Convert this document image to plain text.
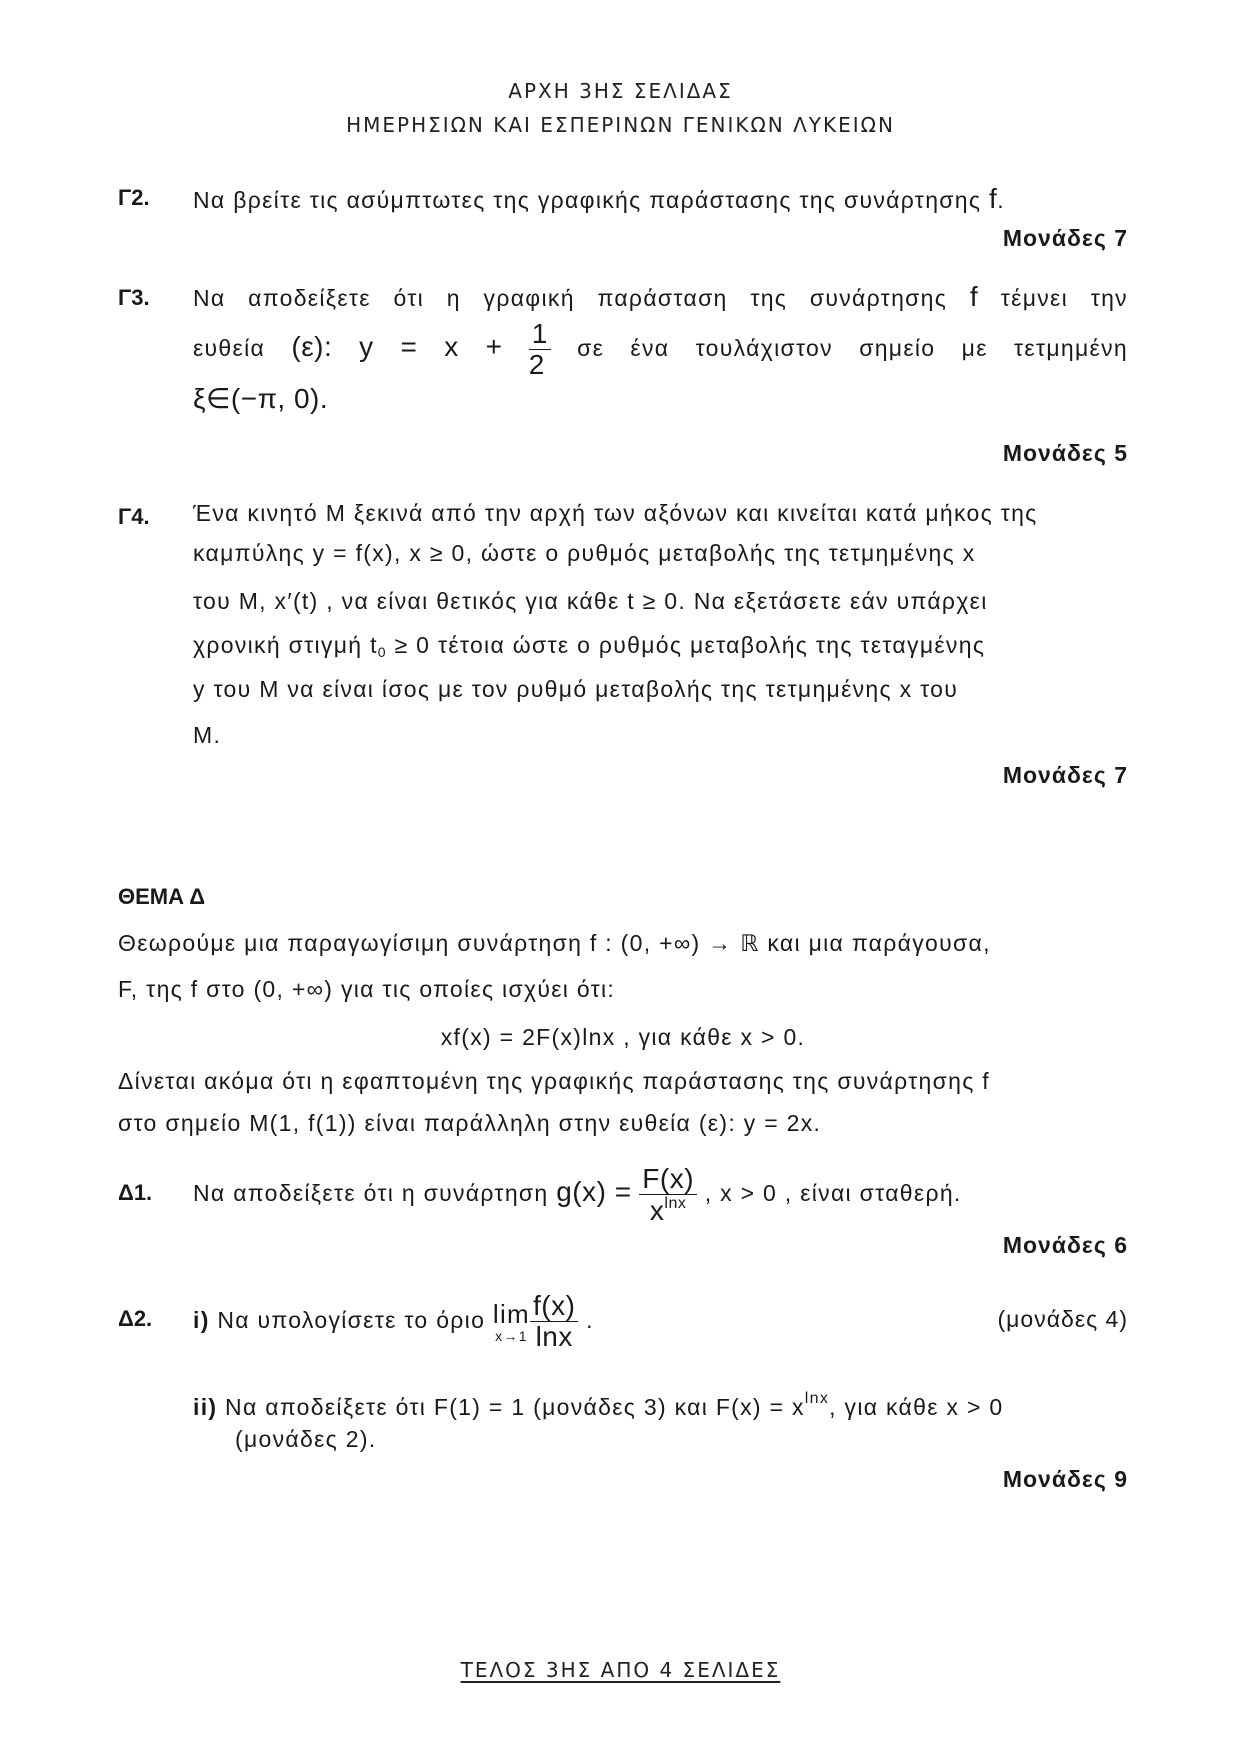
ΑΡΧΗ 3ΗΣ ΣΕΛΙΔΑΣ
ΗΜΕΡΗΣΙΩΝ ΚΑΙ ΕΣΠΕΡΙΝΩΝ ΓΕΝΙΚΩΝ ΛΥΚΕΙΩΝ
Γ2. Να βρείτε τις ασύμπτωτες της γραφικής παράστασης της συνάρτησης f.
Μονάδες 7
Γ3. Να αποδείξετε ότι η γραφική παράσταση της συνάρτησης f τέμνει την
ευθεία (ε): $y = x + \frac{1}{2}$ σε ένα τουλάχιστον σημείο με τετμημένη
ξ∈(−π, 0).
Μονάδες 5
Γ4. Ένα κινητό Μ ξεκινά από την αρχή των αξόνων και κινείται κατά μήκος της
καμπύλης y = f(x), x ≥ 0, ώστε ο ρυθμός μεταβολής της τετμημένης x
του Μ, x′(t) , να είναι θετικός για κάθε t ≥ 0. Να εξετάσετε εάν υπάρχει
χρονική στιγμή $t_0 \ge 0$ τέτοια ώστε ο ρυθμός μεταβολής της τεταγμένης
y του Μ να είναι ίσος με τον ρυθμό μεταβολής της τετμημένης x του
Μ.
Μονάδες 7
ΘΕΜΑ Δ
Θεωρούμε μια παραγωγίσιμη συνάρτηση f : (0, +∞) → ℝ και μια παράγουσα,
F, της f στο (0, +∞) για τις οποίες ισχύει ότι:
xf(x) = 2F(x)lnx , για κάθε x > 0.
Δίνεται ακόμα ότι η εφαπτομένη της γραφικής παράστασης της συνάρτησης f
στο σημείο Μ(1, f(1)) είναι παράλληλη στην ευθεία (ε): y = 2x.
Δ1. Να αποδείξετε ότι η συνάρτηση $g(x) = \frac{F(x)}{x^{lnx}}$ , x > 0 , είναι σταθερή.
Μονάδες 6
Δ2. i) Να υπολογίσετε το όριο lim
$x\to 1 \frac{f(x)}{\ln x}$ .	(μονάδες 4)
ii) Να αποδείξετε ότι F(1) = 1 (μονάδες 3) και $F(x) = x^{lnx}$, για κάθε x > 0
(μονάδες 2).
Μονάδες 9
ΤΕΛΟΣ 3ΗΣ ΑΠΟ 4 ΣΕΛΙΔΕΣ
